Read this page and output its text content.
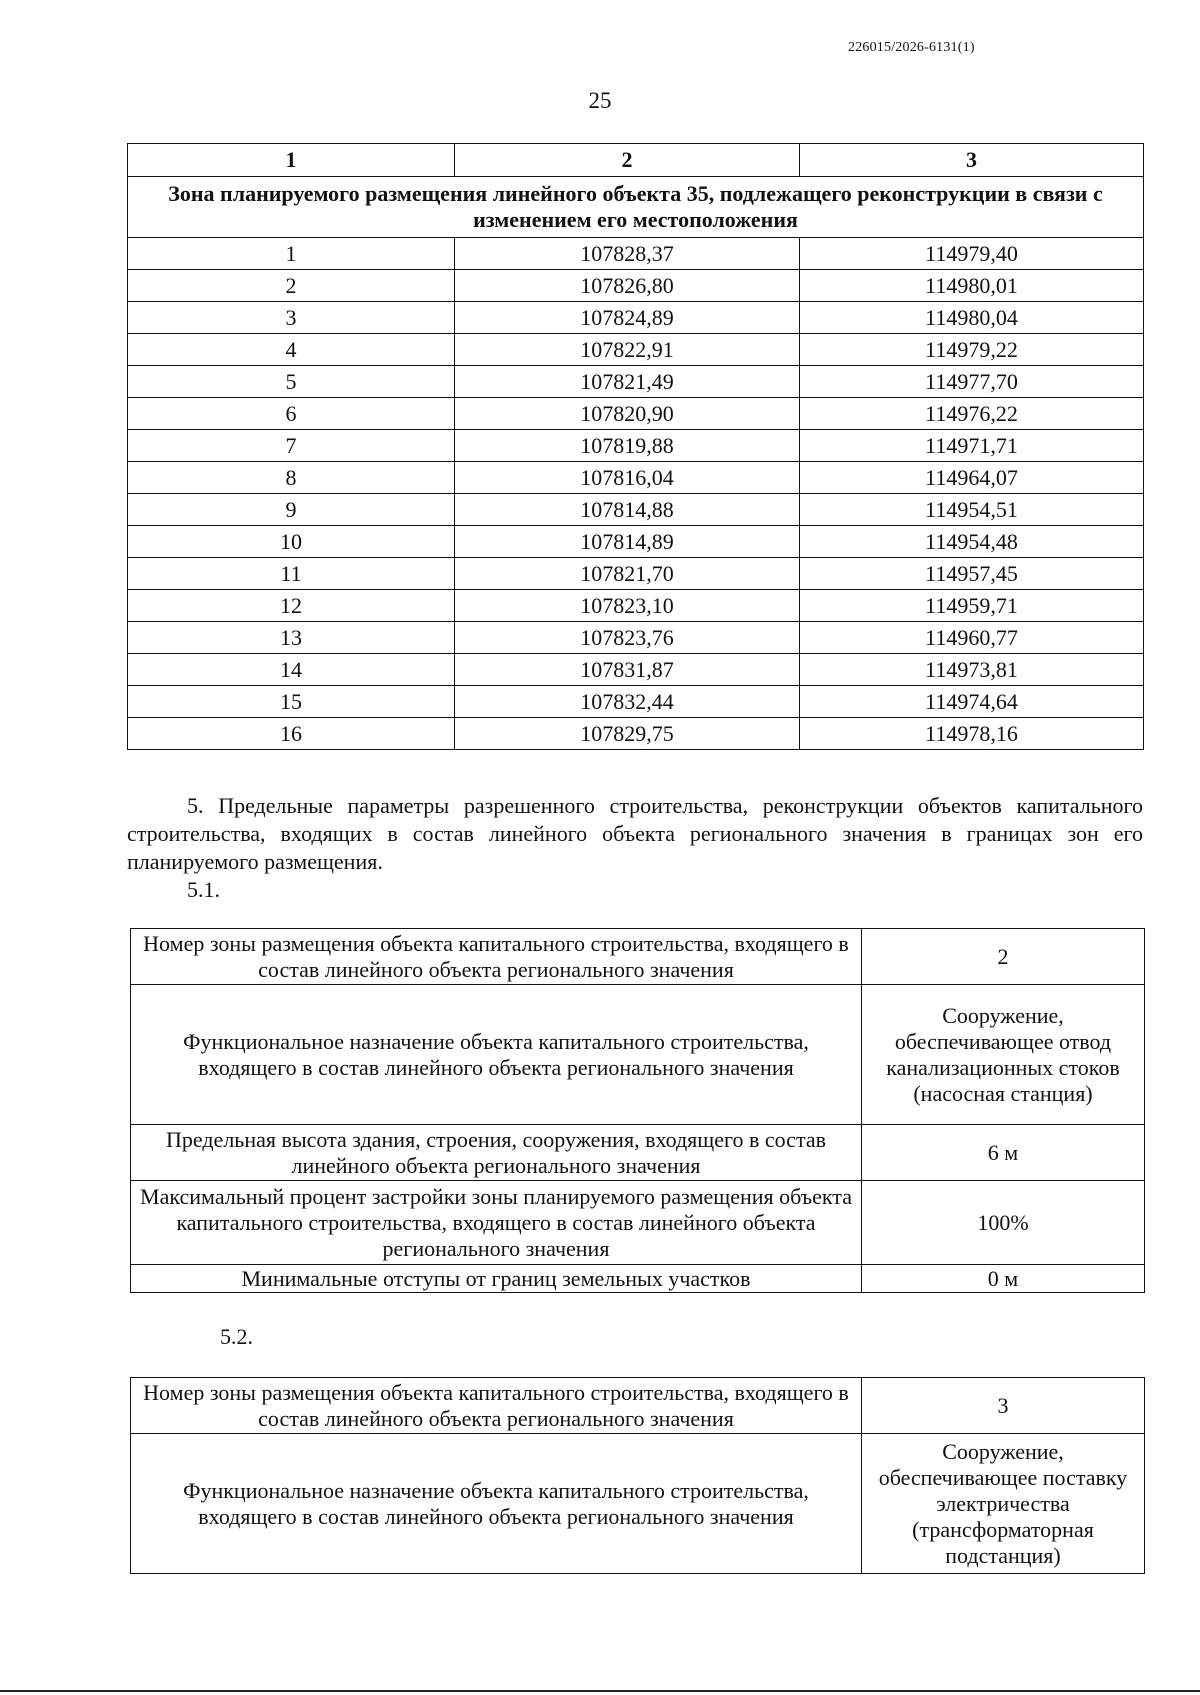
226015/2026-6131(1)
25
1	2	3
Зона планируемого размещения линейного объекта 35, подлежащего реконструкции в связи с изменением его местоположения		
1	107828,37	114979,40
2	107826,80	114980,01
3	107824,89	114980,04
4	107822,91	114979,22
5	107821,49	114977,70
6	107820,90	114976,22
7	107819,88	114971,71
8	107816,04	114964,07
9	107814,88	114954,51
10	107814,89	114954,48
11	107821,70	114957,45
12	107823,10	114959,71
13	107823,76	114960,77
14	107831,87	114973,81
15	107832,44	114974,64
16	107829,75	114978,16
5. Предельные параметры разрешенного строительства, реконструкции объектов капитального строительства, входящих в состав линейного объекта регионального значения в границах зон его планируемого размещения.
5.1.
Номер зоны размещения объекта капитального строительства, входящего в состав линейного объекта регионального значения	2
Функциональное назначение объекта капитального строительства, входящего в состав линейного объекта регионального значения	Сооружение, обеспечивающее отвод канализационных стоков (насосная станция)
Предельная высота здания, строения, сооружения, входящего в состав линейного объекта регионального значения	6 м
Максимальный процент застройки зоны планируемого размещения объекта капитального строительства, входящего в состав линейного объекта регионального значения	100%
Минимальные отступы от границ земельных участков	0 м
5.2.
Номер зоны размещения объекта капитального строительства, входящего в состав линейного объекта регионального значения	3
Функциональное назначение объекта капитального строительства, входящего в состав линейного объекта регионального значения	Сооружение, обеспечивающее поставку электричества (трансформаторная подстанция)
